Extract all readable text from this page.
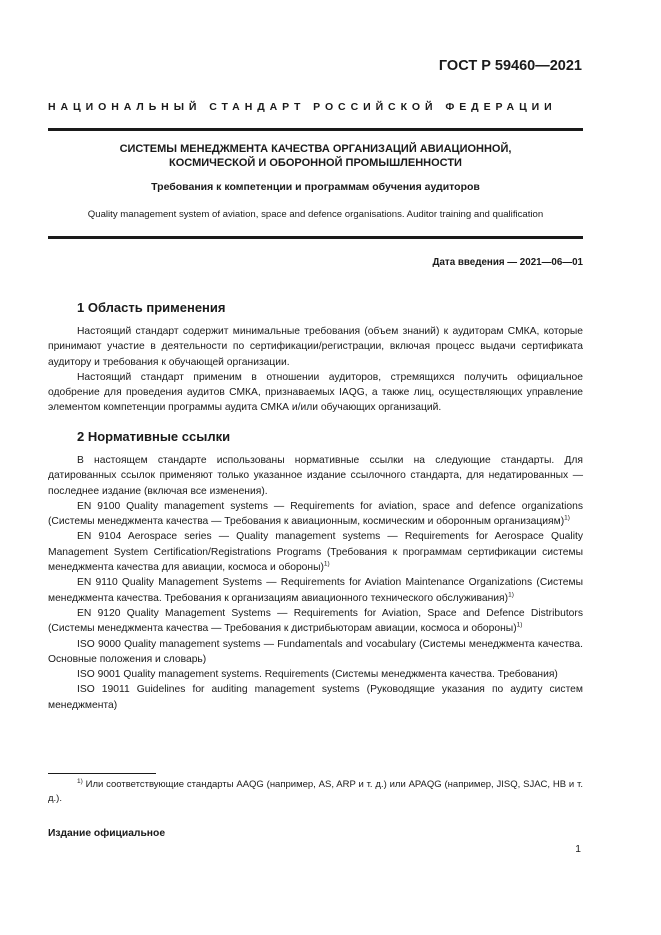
ГОСТ Р 59460—2021
НАЦИОНАЛЬНЫЙ СТАНДАРТ РОССИЙСКОЙ ФЕДЕРАЦИИ
СИСТЕМЫ МЕНЕДЖМЕНТА КАЧЕСТВА ОРГАНИЗАЦИЙ АВИАЦИОННОЙ,
КОСМИЧЕСКОЙ И ОБОРОННОЙ ПРОМЫШЛЕННОСТИ
Требования к компетенции и программам обучения аудиторов
Quality management system of aviation, space and defence organisations. Auditor training and qualification
Дата введения — 2021—06—01
1 Область применения

Настоящий стандарт содержит минимальные требования (объем знаний) к аудиторам СМКА, которые принимают участие в деятельности по сертификации/регистрации, включая процесс выдачи сертификата аудитору и требования к обучающей организации.

Настоящий стандарт применим в отношении аудиторов, стремящихся получить официальное одобрение для проведения аудитов СМКА, признаваемых IAQG, а также лиц, осуществляющих управление элементом компетенции программы аудита СМКА и/или обучающих организаций.

2 Нормативные ссылки

В настоящем стандарте использованы нормативные ссылки на следующие стандарты. Для датированных ссылок применяют только указанное издание ссылочного стандарта, для недатированных — последнее издание (включая все изменения).

EN 9100 Quality management systems — Requirements for aviation, space and defence organizations (Системы менеджмента качества — Требования к авиационным, космическим и оборонным организациям)$^{1)}$

EN 9104 Aerospace series — Quality management systems — Requirements for Aerospace Quality Management System Certification/Registrations Programs (Требования к программам сертификации системы менеджмента качества для авиации, космоса и обороны)$^{1)}$

EN 9110 Quality Management Systems — Requirements for Aviation Maintenance Organizations (Системы менеджмента качества. Требования к организациям авиационного технического обслуживания)$^{1)}$

EN 9120 Quality Management Systems — Requirements for Aviation, Space and Defence Distributors (Системы менеджмента качества — Требования к дистрибьюторам авиации, космоса и обороны)$^{1)}$

ISO 9000 Quality management systems — Fundamentals and vocabulary (Системы менеджмента качества. Основные положения и словарь)

ISO 9001 Quality management systems. Requirements (Системы менеджмента качества. Требования)

ISO 19011 Guidelines for auditing management systems (Руководящие указания по аудиту систем менеджмента)

$^{1)}$ Или соответствующие стандарты AAQG (например, AS, ARP и т. д.) или APAQG (например, JISQ, SJAC, HB и т. д.).
Издание официальное
1
